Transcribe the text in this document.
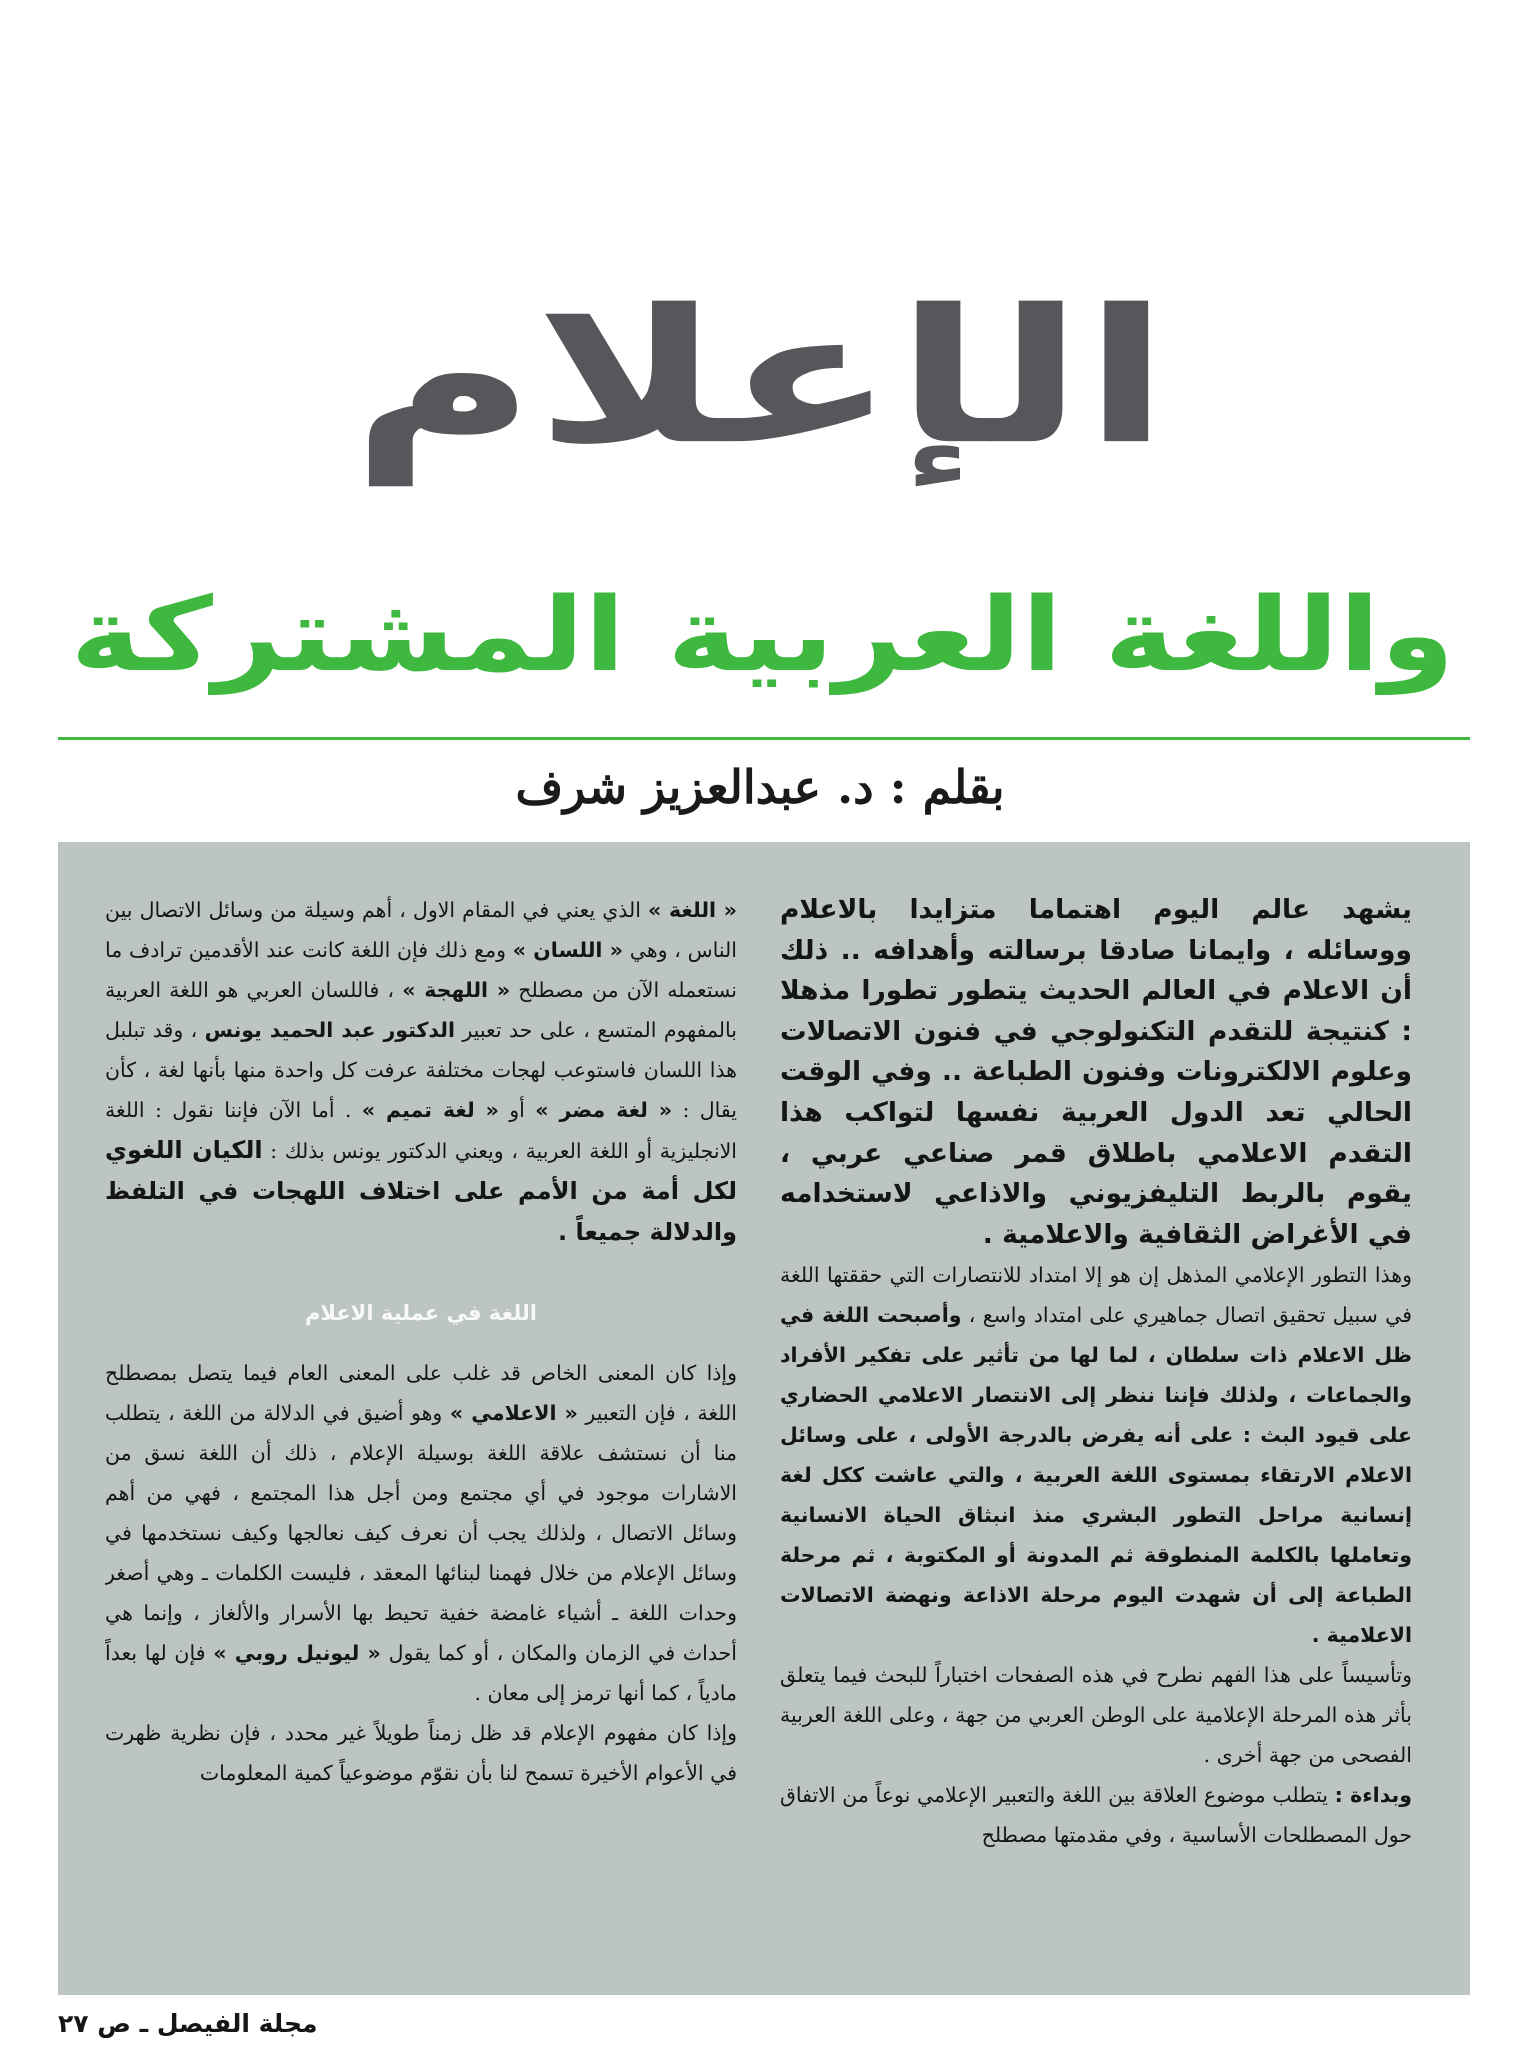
الإعلام
واللغة العربية المشتركة
بقلم : د. عبدالعزيز شرف

يشهد عالم اليوم اهتماما متزايدا بالاعلام ووسائله ، وايمانا صادقا برسالته وأهدافه .. ذلك أن الاعلام في العالم الحديث يتطور تطورا مذهلا : كنتيجة للتقدم التكنولوجي في فنون الاتصالات وعلوم الالكترونات وفنون الطباعة .. وفي الوقت الحالي تعد الدول العربية نفسها لتواكب هذا التقدم الاعلامي باطلاق قمر صناعي عربي ، يقوم بالربط التليفزيوني والاذاعي لاستخدامه في الأغراض الثقافية والاعلامية .

وهذا التطور الإعلامي المذهل إن هو إلا امتداد للانتصارات التي حققتها اللغة في سبيل تحقيق اتصال جماهيري على امتداد واسع ، وأصبحت اللغة في ظل الاعلام ذات سلطان ، لما لها من تأثير على تفكير الأفراد والجماعات ، ولذلك فإننا ننظر إلى الانتصار الاعلامي الحضاري على قيود البث : على أنه يفرض بالدرجة الأولى ، على وسائل الاعلام الارتقاء بمستوى اللغة العربية ، والتي عاشت ككل لغة إنسانية مراحل التطور البشري منذ انبثاق الحياة الانسانية وتعاملها بالكلمة المنطوقة ثم المدونة أو المكتوبة ، ثم مرحلة الطباعة إلى أن شهدت اليوم مرحلة الاذاعة ونهضة الاتصالات الاعلامية .

وتأسيساً على هذا الفهم نطرح في هذه الصفحات اختباراً للبحث فيما يتعلق بأثر هذه المرحلة الإعلامية على الوطن العربي من جهة ، وعلى اللغة العربية الفصحى من جهة أخرى .

وبداءة : يتطلب موضوع العلاقة بين اللغة والتعبير الإعلامي نوعاً من الاتفاق حول المصطلحات الأساسية ، وفي مقدمتها مصطلح

« اللغة » الذي يعني في المقام الاول ، أهم وسيلة من وسائل الاتصال بين الناس ، وهي « اللسان » ومع ذلك فإن اللغة كانت عند الأقدمين ترادف ما نستعمله الآن من مصطلح « اللهجة » ، فاللسان العربي هو اللغة العربية بالمفهوم المتسع ، على حد تعبير الدكتور عبد الحميد يونس ، وقد تبلبل هذا اللسان فاستوعب لهجات مختلفة عرفت كل واحدة منها بأنها لغة ، كأن يقال : « لغة مضر » أو « لغة تميم » . أما الآن فإننا نقول : اللغة الانجليزية أو اللغة العربية ، ويعني الدكتور يونس بذلك : الكيان اللغوي لكل أمة من الأمم على اختلاف اللهجات في التلفظ والدلالة جميعاً .

اللغة في عملية الاعلام

وإذا كان المعنى الخاص قد غلب على المعنى العام فيما يتصل بمصطلح اللغة ، فإن التعبير « الاعلامي » وهو أضيق في الدلالة من اللغة ، يتطلب منا أن نستشف علاقة اللغة بوسيلة الإعلام ، ذلك أن اللغة نسق من الاشارات موجود في أي مجتمع ومن أجل هذا المجتمع ، فهي من أهم وسائل الاتصال ، ولذلك يجب أن نعرف كيف نعالجها وكيف نستخدمها في وسائل الإعلام من خلال فهمنا لبنائها المعقد ، فليست الكلمات ـ وهي أصغر وحدات اللغة ـ أشياء غامضة خفية تحيط بها الأسرار والألغاز ، وإنما هي أحداث في الزمان والمكان ، أو كما يقول « ليونيل روبي » فإن لها بعداً مادياً ، كما أنها ترمز إلى معان .

وإذا كان مفهوم الإعلام قد ظل زمناً طويلاً غير محدد ، فإن نظرية ظهرت في الأعوام الأخيرة تسمح لنا بأن نقوّم موضوعياً كمية المعلومات

مجلة الفيصل ـ ص ٢٧
